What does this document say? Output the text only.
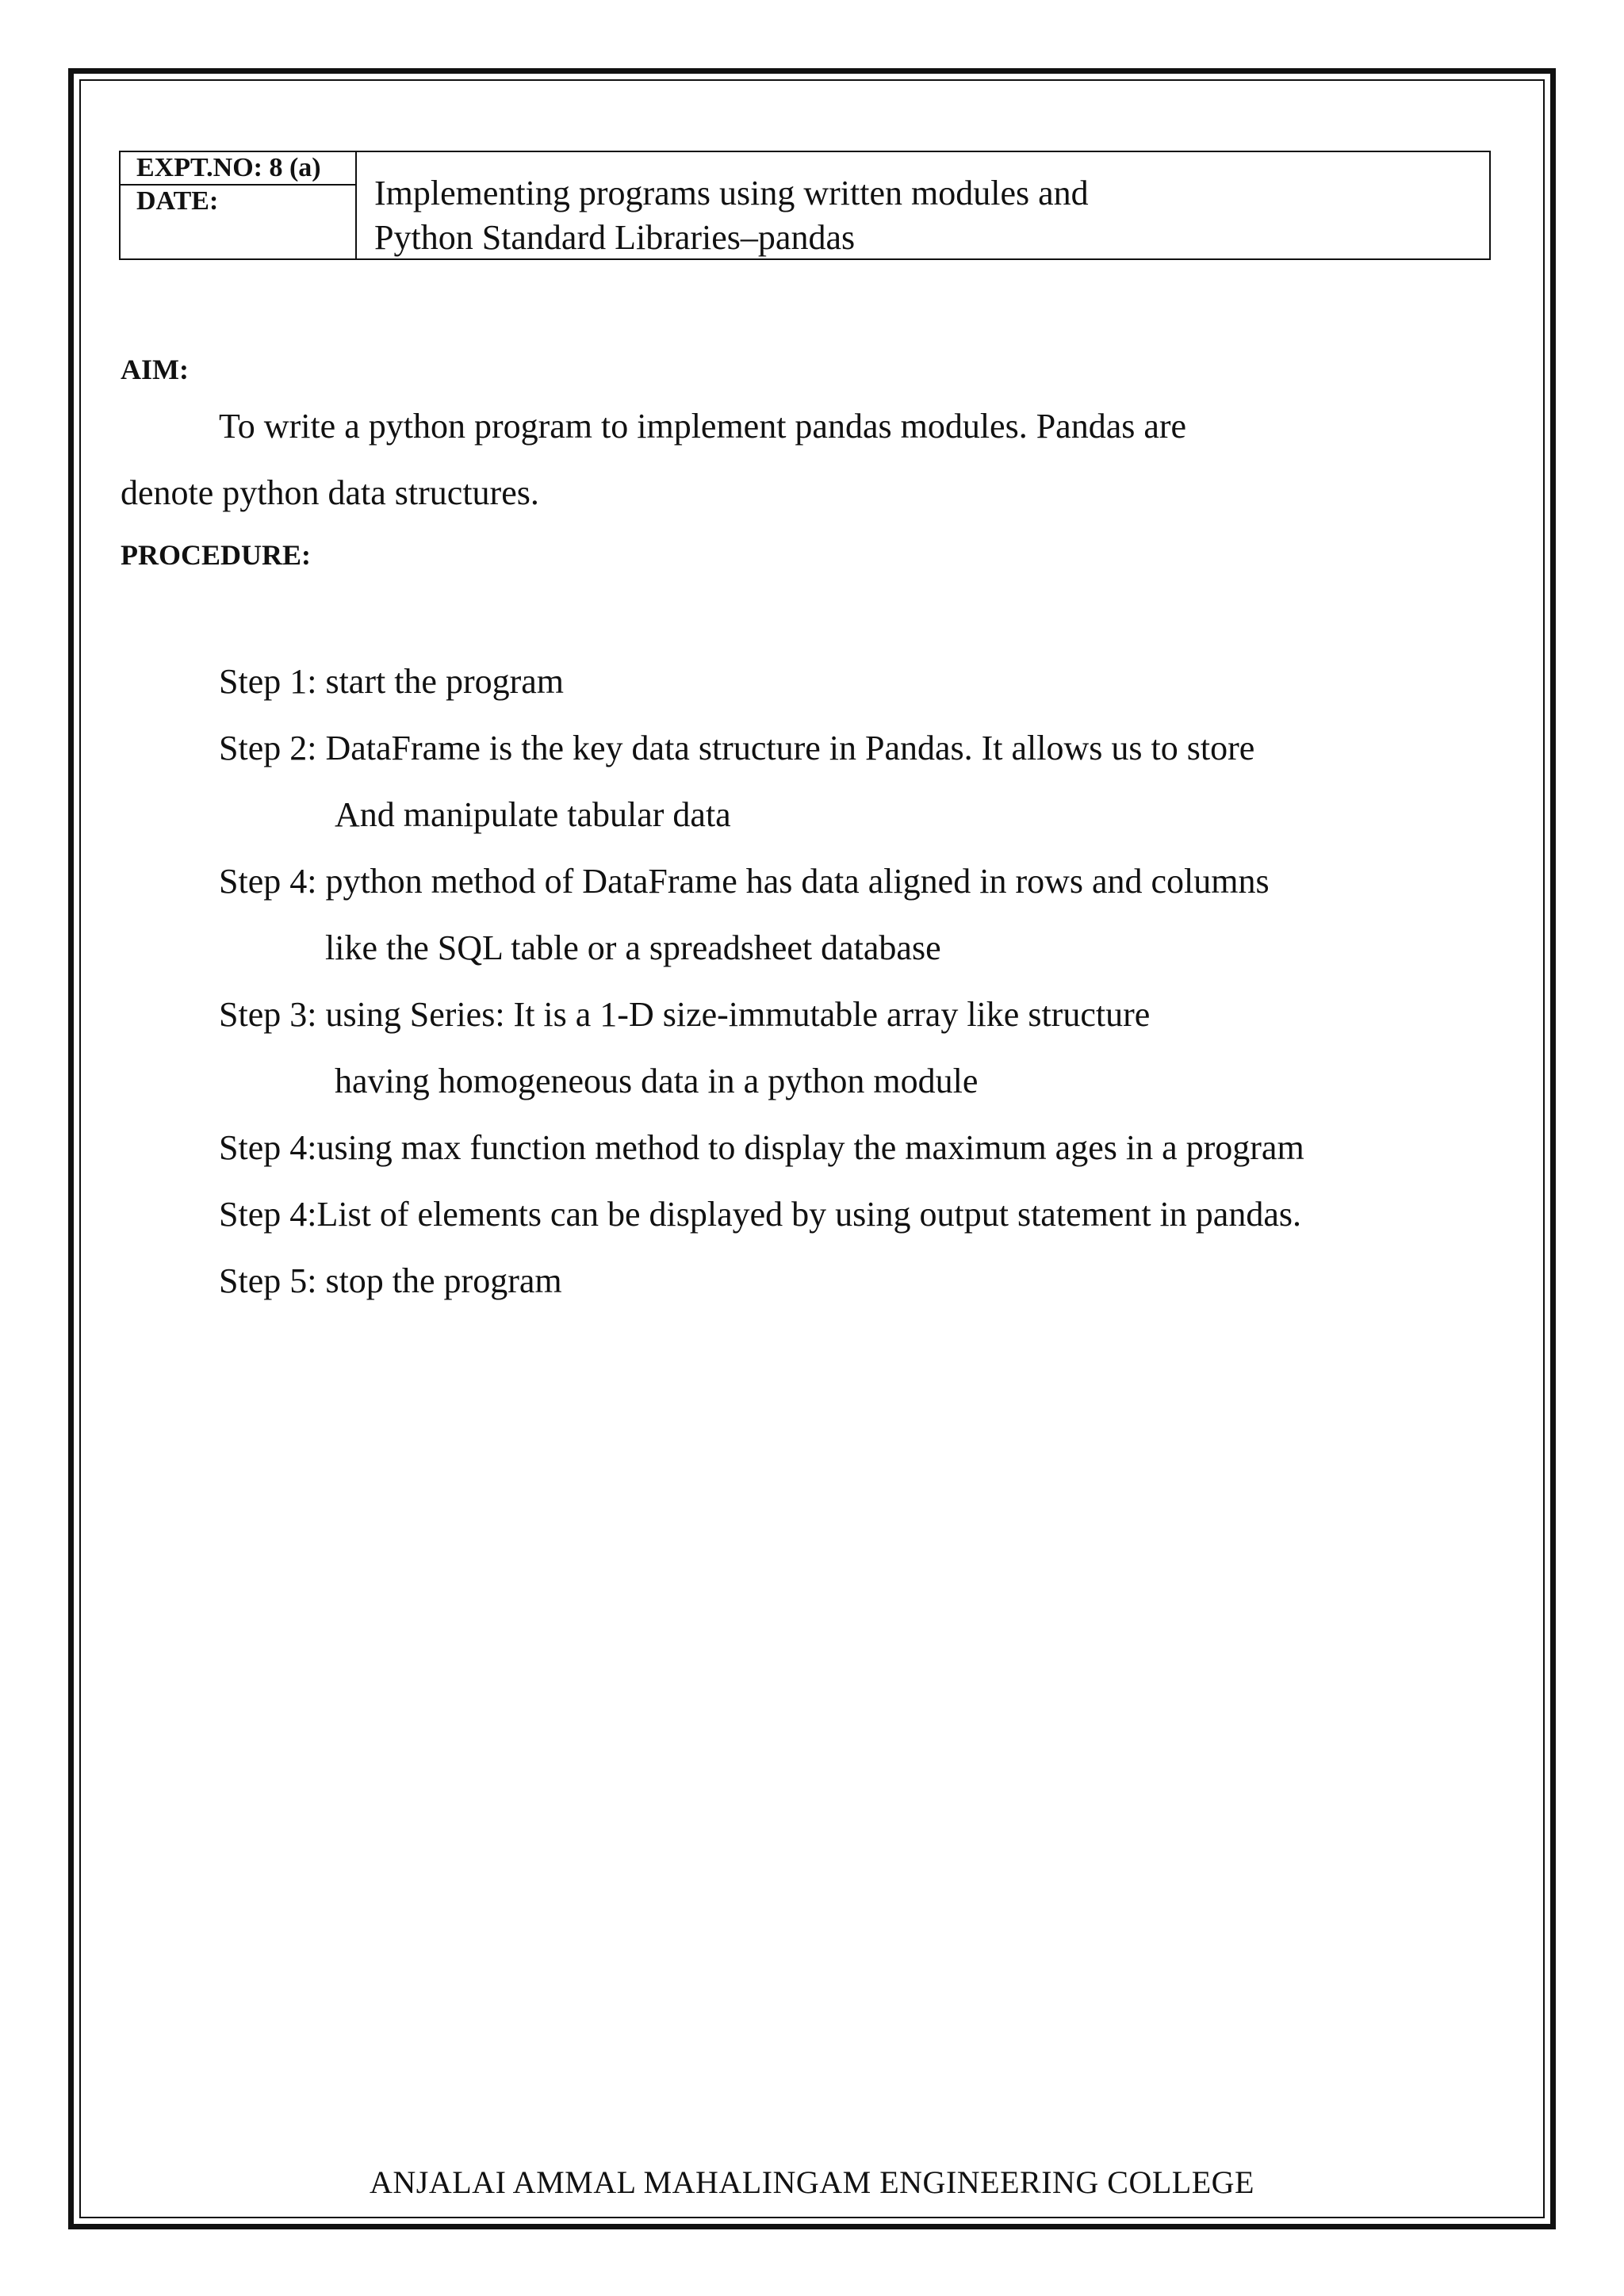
EXPT.NO: 8 (a)
DATE:	Implementing programs using written modules and
Python Standard Libraries–pandas
AIM:
To write a python program to implement pandas modules. Pandas are
denote python data structures.
PROCEDURE:
Step 1: start the program
Step 2: DataFrame is the key data structure in Pandas. It allows us to store
And manipulate tabular data
Step 4: python method of DataFrame has data aligned in rows and columns
like the SQL table or a spreadsheet database
Step 3: using Series: It is a 1-D size-immutable array like structure
having homogeneous data in a python module
Step 4:using max function method to display the maximum ages in a program
Step 4:List of elements can be displayed by using output statement in pandas.
Step 5: stop the program
ANJALAI AMMAL MAHALINGAM ENGINEERING COLLEGE
